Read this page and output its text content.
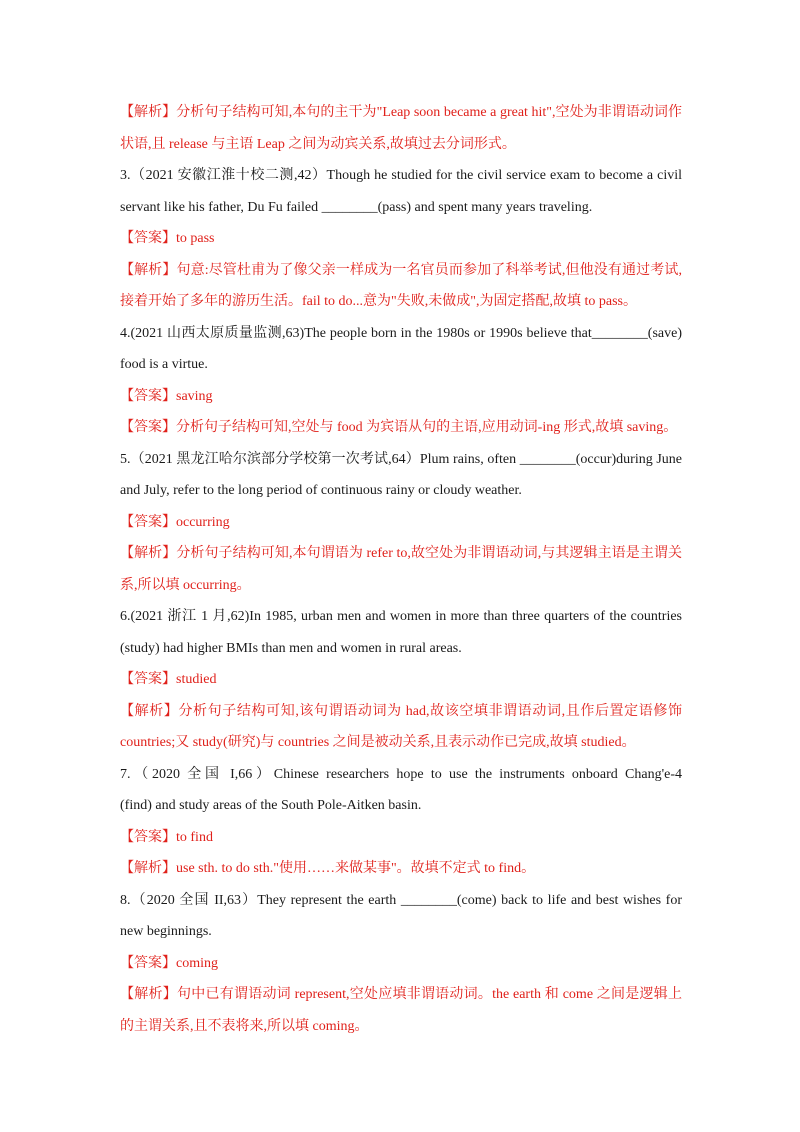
【解析】分析句子结构可知,本句的主干为"Leap soon became a great hit",空处为非谓语动词作
状语,且 release 与主语 Leap 之间为动宾关系,故填过去分词形式。
3.（2021 安徽江淮十校二测,42）Though he studied for the civil service exam to become a civil
servant like his father, Du Fu failed ________(pass) and spent many years traveling.
【答案】to pass
【解析】句意:尽管杜甫为了像父亲一样成为一名官员而参加了科举考试,但他没有通过考试,
接着开始了多年的游历生活。fail to do...意为"失败,未做成",为固定搭配,故填 to pass。
4.(2021 山西太原质量监测,63)The people born in the 1980s or 1990s believe that________(save)
food is a virtue.
【答案】saving
【答案】分析句子结构可知,空处与 food 为宾语从句的主语,应用动词-ing 形式,故填 saving。
5.（2021 黑龙江哈尔滨部分学校第一次考试,64）Plum rains, often ________(occur)during June
and July, refer to the long period of continuous rainy or cloudy weather.
【答案】occurring
【解析】分析句子结构可知,本句谓语为 refer to,故空处为非谓语动词,与其逻辑主语是主谓关
系,所以填 occurring。
6.(2021 浙江 1 月,62)In 1985, urban men and women in more than three quarters of the countries
(study) had higher BMIs than men and women in rural areas.
【答案】studied
【解析】分析句子结构可知,该句谓语动词为 had,故该空填非谓语动词,且作后置定语修饰
countries;又 study(研究)与 countries 之间是被动关系,且表示动作已完成,故填 studied。
7.（2020 全国 I,66）Chinese researchers hope to use the instruments onboard Chang'e-4
(find) and study areas of the South Pole-Aitken basin.
【答案】to find
【解析】use sth. to do sth."使用……来做某事"。故填不定式 to find。
8.（2020 全国 II,63）They represent the earth ________(come) back to life and best wishes for
new beginnings.
【答案】coming
【解析】句中已有谓语动词 represent,空处应填非谓语动词。the earth 和 come 之间是逻辑上
的主谓关系,且不表将来,所以填 coming。
